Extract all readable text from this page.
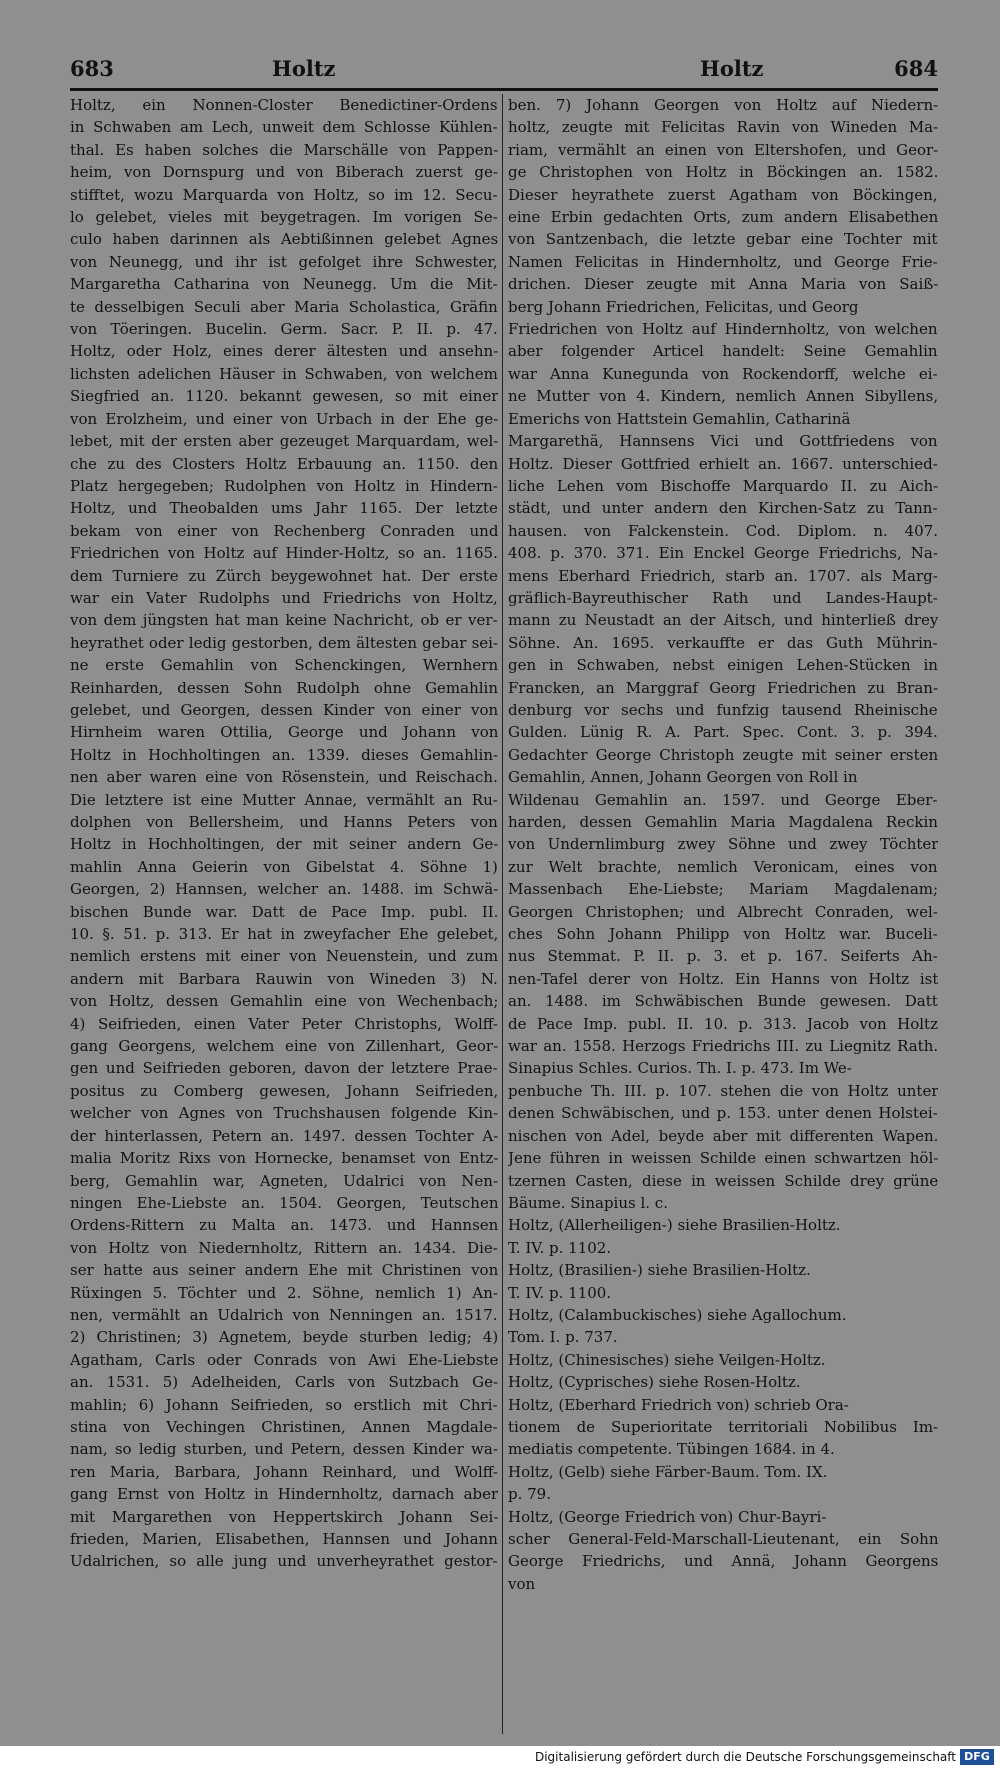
683	Holtz	Holtz	684
Holtz, ein Nonnen-Closter Benedictiner-Ordens
in Schwaben am Lech, unweit dem Schlosse Kühlen-
thal. Es haben solches die Marschälle von Pappen-
heim, von Dornspurg und von Biberach zuerst ge-
stifftet, wozu Marquarda von Holtz, so im 12. Secu-
lo gelebet, vieles mit beygetragen. Im vorigen Se-
culo haben darinnen als Aebtißinnen gelebet Agnes
von Neunegg, und ihr ist gefolget ihre Schwester,
Margaretha Catharina von Neunegg. Um die Mit-
te desselbigen Seculi aber Maria Scholastica, Gräfin
von Töeringen. Bucelin. Germ. Sacr. P. II. p. 47.
Holtz, oder Holz, eines derer ältesten und ansehn-
lichsten adelichen Häuser in Schwaben, von welchem
Siegfried an. 1120. bekannt gewesen, so mit einer
von Erolzheim, und einer von Urbach in der Ehe ge-
lebet, mit der ersten aber gezeuget Marquardam, wel-
che zu des Closters Holtz Erbauung an. 1150. den
Platz hergegeben; Rudolphen von Holtz in Hindern-
Holtz, und Theobalden ums Jahr 1165. Der letzte
bekam von einer von Rechenberg Conraden und
Friedrichen von Holtz auf Hinder-Holtz, so an. 1165.
dem Turniere zu Zürch beygewohnet hat. Der erste
war ein Vater Rudolphs und Friedrichs von Holtz,
von dem jüngsten hat man keine Nachricht, ob er ver-
heyrathet oder ledig gestorben, dem ältesten gebar sei-
ne erste Gemahlin von Schenckingen, Wernhern
Reinharden, dessen Sohn Rudolph ohne Gemahlin
gelebet, und Georgen, dessen Kinder von einer von
Hirnheim waren Ottilia, George und Johann von
Holtz in Hochholtingen an. 1339. dieses Gemahlin-
nen aber waren eine von Rösenstein, und Reischach.
Die letztere ist eine Mutter Annae, vermählt an Ru-
dolphen von Bellersheim, und Hanns Peters von
Holtz in Hochholtingen, der mit seiner andern Ge-
mahlin Anna Geierin von Gibelstat 4. Söhne 1)
Georgen, 2) Hannsen, welcher an. 1488. im Schwä-
bischen Bunde war. Datt de Pace Imp. publ. II.
10. §. 51. p. 313. Er hat in zweyfacher Ehe gelebet,
nemlich erstens mit einer von Neuenstein, und zum
andern mit Barbara Rauwin von Wineden 3) N.
von Holtz, dessen Gemahlin eine von Wechenbach;
4) Seifrieden, einen Vater Peter Christophs, Wolff-
gang Georgens, welchem eine von Zillenhart, Geor-
gen und Seifrieden geboren, davon der letztere Prae-
positus zu Comberg gewesen, Johann Seifrieden,
welcher von Agnes von Truchshausen folgende Kin-
der hinterlassen, Petern an. 1497. dessen Tochter A-
malia Moritz Rixs von Hornecke, benamset von Entz-
berg, Gemahlin war, Agneten, Udalrici von Nen-
ningen Ehe-Liebste an. 1504. Georgen, Teutschen
Ordens-Rittern zu Malta an. 1473. und Hannsen
von Holtz von Niedernholtz, Rittern an. 1434. Die-
ser hatte aus seiner andern Ehe mit Christinen von
Rüxingen 5. Töchter und 2. Söhne, nemlich 1) An-
nen, vermählt an Udalrich von Nenningen an. 1517.
2) Christinen; 3) Agnetem, beyde sturben ledig; 4)
Agatham, Carls oder Conrads von Awi Ehe-Liebste
an. 1531. 5) Adelheiden, Carls von Sutzbach Ge-
mahlin; 6) Johann Seifrieden, so erstlich mit Chri-
stina von Vechingen Christinen, Annen Magdale-
nam, so ledig sturben, und Petern, dessen Kinder wa-
ren Maria, Barbara, Johann Reinhard, und Wolff-
gang Ernst von Holtz in Hindernholtz, darnach aber
mit Margarethen von Heppertskirch Johann Sei-
frieden, Marien, Elisabethen, Hannsen und Johann
Udalrichen, so alle jung und unverheyrathet gestor-
ben. 7) Johann Georgen von Holtz auf Niedern-
holtz, zeugte mit Felicitas Ravin von Wineden Ma-
riam, vermählt an einen von Eltershofen, und Geor-
ge Christophen von Holtz in Böckingen an. 1582.
Dieser heyrathete zuerst Agatham von Böckingen,
eine Erbin gedachten Orts, zum andern Elisabethen
von Santzenbach, die letzte gebar eine Tochter mit
Namen Felicitas in Hindernholtz, und George Frie-
drichen. Dieser zeugte mit Anna Maria von Saiß-
berg Johann Friedrichen, Felicitas, und Georg
Friedrichen von Holtz auf Hindernholtz, von welchen
aber folgender Articel handelt: Seine Gemahlin
war Anna Kunegunda von Rockendorff, welche ei-
ne Mutter von 4. Kindern, nemlich Annen Sibyllens,
Emerichs von Hattstein Gemahlin, Catharinä
Margarethä, Hannsens Vici und Gottfriedens von
Holtz. Dieser Gottfried erhielt an. 1667. unterschied-
liche Lehen vom Bischoffe Marquardo II. zu Aich-
städt, und unter andern den Kirchen-Satz zu Tann-
hausen. von Falckenstein. Cod. Diplom. n. 407.
408. p. 370. 371. Ein Enckel George Friedrichs, Na-
mens Eberhard Friedrich, starb an. 1707. als Marg-
gräflich-Bayreuthischer Rath und Landes-Haupt-
mann zu Neustadt an der Aitsch, und hinterließ drey
Söhne. An. 1695. verkauffte er das Guth Mührin-
gen in Schwaben, nebst einigen Lehen-Stücken in
Francken, an Marggraf Georg Friedrichen zu Bran-
denburg vor sechs und funfzig tausend Rheinische
Gulden. Lünig R. A. Part. Spec. Cont. 3. p. 394.
Gedachter George Christoph zeugte mit seiner ersten
Gemahlin, Annen, Johann Georgen von Roll in
Wildenau Gemahlin an. 1597. und George Eber-
harden, dessen Gemahlin Maria Magdalena Reckin
von Undernlimburg zwey Söhne und zwey Töchter
zur Welt brachte, nemlich Veronicam, eines von
Massenbach Ehe-Liebste; Mariam Magdalenam;
Georgen Christophen; und Albrecht Conraden, wel-
ches Sohn Johann Philipp von Holtz war. Buceli-
nus Stemmat. P. II. p. 3. et p. 167. Seiferts Ah-
nen-Tafel derer von Holtz. Ein Hanns von Holtz ist
an. 1488. im Schwäbischen Bunde gewesen. Datt
de Pace Imp. publ. II. 10. p. 313. Jacob von Holtz
war an. 1558. Herzogs Friedrichs III. zu Liegnitz Rath.
Sinapius Schles. Curios. Th. I. p. 473. Im We-
penbuche Th. III. p. 107. stehen die von Holtz unter
denen Schwäbischen, und p. 153. unter denen Holstei-
nischen von Adel, beyde aber mit differenten Wapen.
Jene führen in weissen Schilde einen schwartzen höl-
tzernen Casten, diese in weissen Schilde drey grüne
Bäume. Sinapius l. c.
Holtz, (Allerheiligen-) siehe Brasilien-Holtz.
T. IV. p. 1102.
Holtz, (Brasilien-) siehe Brasilien-Holtz.
T. IV. p. 1100.
Holtz, (Calambuckisches) siehe Agallochum.
Tom. I. p. 737.
Holtz, (Chinesisches) siehe Veilgen-Holtz.
Holtz, (Cyprisches) siehe Rosen-Holtz.
Holtz, (Eberhard Friedrich von) schrieb Ora-
tionem de Superioritate territoriali Nobilibus Im-
mediatis competente. Tübingen 1684. in 4.
Holtz, (Gelb) siehe Färber-Baum. Tom. IX.
p. 79.
Holtz, (George Friedrich von) Chur-Bayri-
scher General-Feld-Marschall-Lieutenant, ein Sohn
George Friedrichs, und Annä, Johann Georgens
von
Digitalisierung gefördert durch die Deutsche Forschungsgemeinschaft DFG
